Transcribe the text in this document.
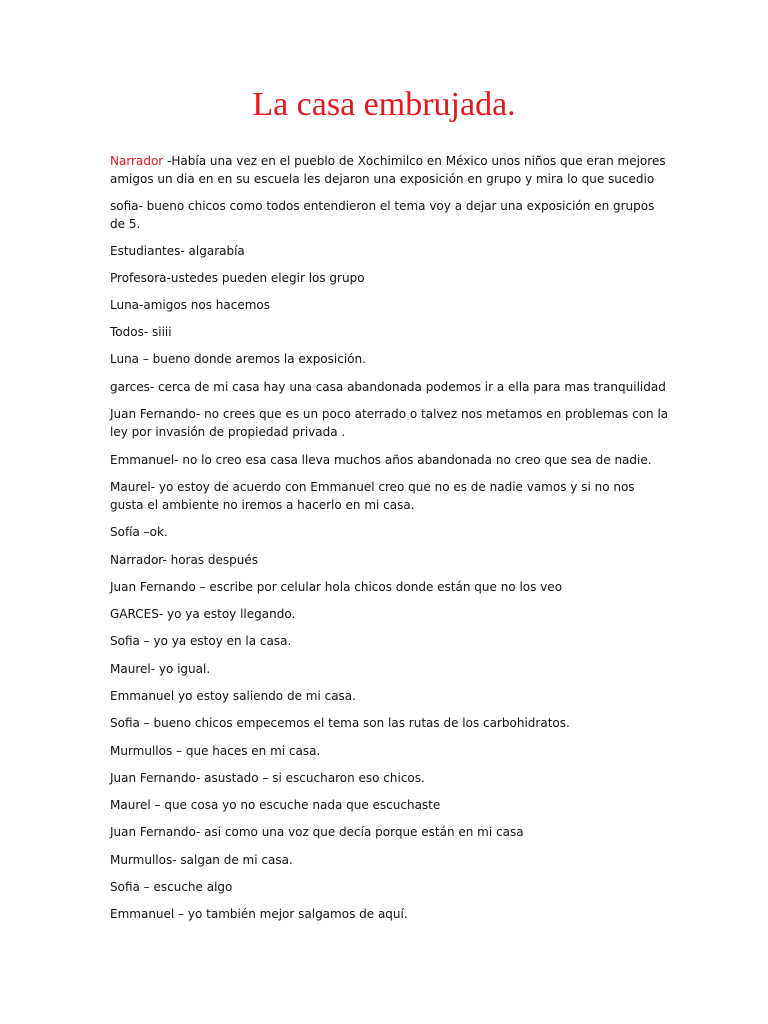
La casa embrujada.

Narrador -Había una vez en el pueblo de Xochimilco en México unos niños que eran mejores amigos un dia en en su escuela les dejaron una exposición en grupo y mira lo que sucedio

sofia- bueno chicos como todos entendieron el tema voy a dejar una exposición en grupos de 5.

Estudiantes- algarabía

Profesora-ustedes pueden elegir los grupo

Luna-amigos nos hacemos

Todos- siiii

Luna – bueno donde aremos la exposición.

garces- cerca de mi casa hay una casa abandonada podemos ir a ella para mas tranquilidad

Juan Fernando- no crees que es un poco aterrado o talvez nos metamos en problemas con la ley por invasión de propiedad privada .

Emmanuel- no lo creo esa casa lleva muchos años abandonada no creo que sea de nadie.

Maurel- yo estoy de acuerdo con Emmanuel creo que no es de nadie vamos y si no nos gusta el ambiente no iremos a hacerlo en mi casa.

Sofía –ok.

Narrador- horas después

Juan Fernando – escribe por celular hola chicos donde están que no los veo

GARCES- yo ya estoy llegando.

Sofia – yo ya estoy en la casa.

Maurel- yo igual.

Emmanuel yo estoy saliendo de mi casa.

Sofia – bueno chicos empecemos el tema son las rutas de los carbohidratos.

Murmullos – que haces en mi casa.

Juan Fernando- asustado – si escucharon eso chicos.

Maurel – que cosa yo no escuche nada que escuchaste

Juan Fernando- asi como una voz que decía porque están en mi casa

Murmullos- salgan de mi casa.

Sofia – escuche algo

Emmanuel – yo también mejor salgamos de aquí.
